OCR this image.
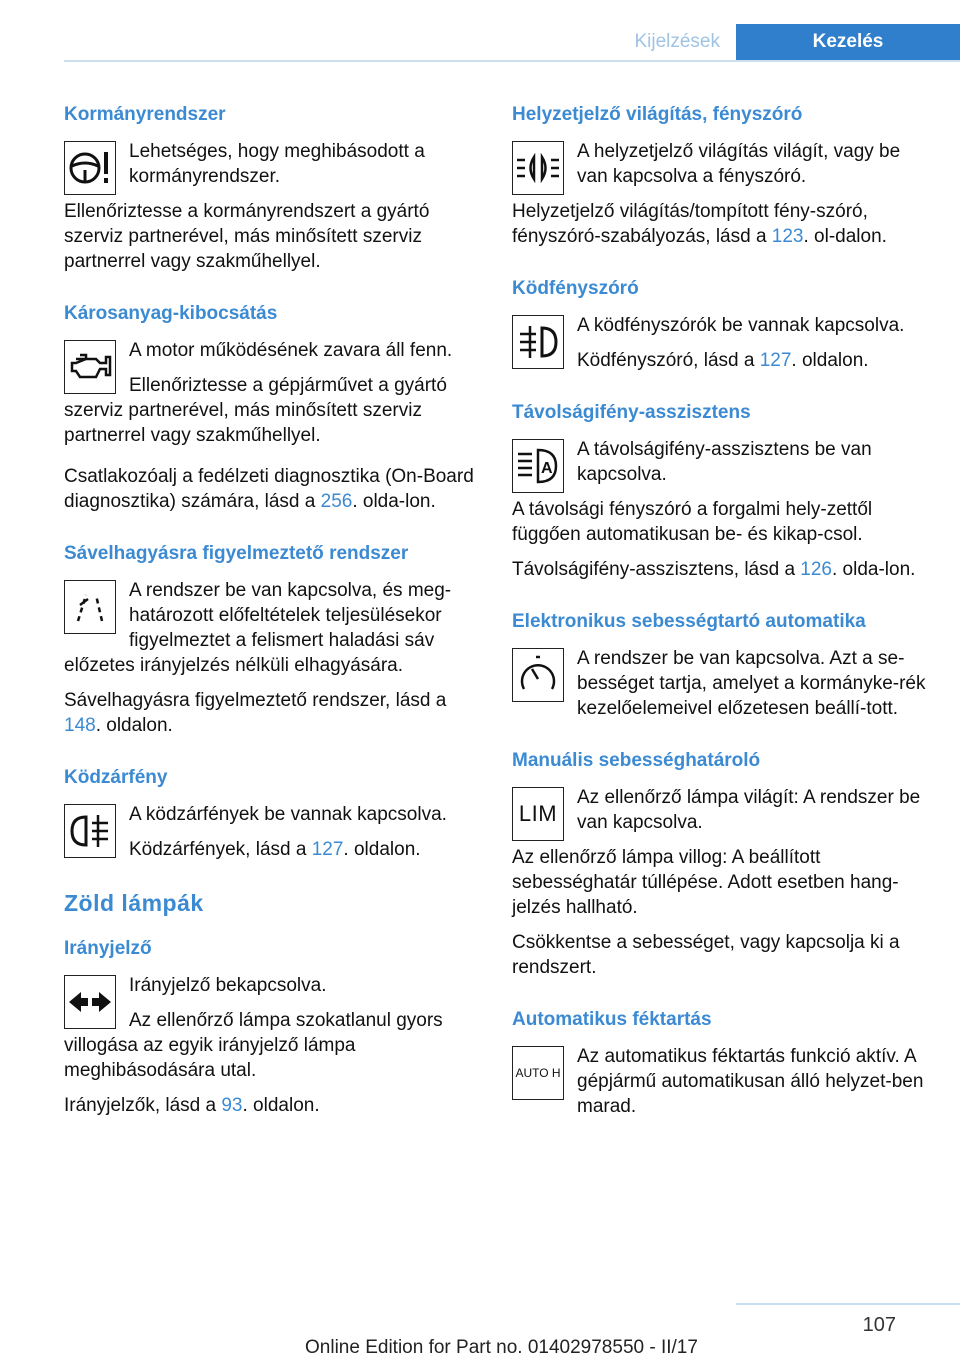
Kijelzések	Kezelés
Kormányrendszer

Lehetséges, hogy meghibásodott a kormányrendszer.

Ellenőriztesse a kormányrendszert a gyártó szerviz partnerével, más minősített szerviz partnerrel vagy szakműhellyel.

Károsanyag-kibocsátás

A motor működésének zavara áll fenn.

Ellenőriztesse a gépjárművet a gyártó szerviz partnerével, más minősített szerviz partnerrel vagy szakműhellyel.

Csatlakozóalj a fedélzeti diagnosztika (On-Board diagnosztika) számára, lásd a 256. olda-lon.

Sávelhagyásra figyelmeztető rendszer

A rendszer be van kapcsolva, és meg-határozott előfeltételek teljesülésekor figyelmeztet a felismert haladási sáv előzetes irányjelzés nélküli elhagyására.

Sávelhagyásra figyelmeztető rendszer, lásd a 148. oldalon.

Ködzárfény

A ködzárfények be vannak kapcsolva.

Ködzárfények, lásd a 127. oldalon.

Zöld lámpák
Irányjelző

Irányjelző bekapcsolva.

Az ellenőrző lámpa szokatlanul gyors villogása az egyik irányjelző lámpa meghibásodására utal.

Irányjelzők, lásd a 93. oldalon.

Helyzetjelző világítás, fényszóró

A helyzetjelző világítás világít, vagy be van kapcsolva a fényszóró.

Helyzetjelző világítás/tompított fény-szóró, fényszóró-szabályozás, lásd a 123. ol-dalon.

Ködfényszóró

A ködfényszórók be vannak kapcsolva.

Ködfényszóró, lásd a 127. oldalon.

Távolságifény-asszisztens
A

A távolságifény-asszisztens be van kapcsolva.

A távolsági fényszóró a forgalmi hely-zettől függően automatikusan be- és kikap-csol.

Távolságifény-asszisztens, lásd a 126. olda-lon.

Elektronikus sebességtartó automatika

A rendszer be van kapcsolva. Azt a se-bességet tartja, amelyet a kormányke-rék kezelőelemeivel előzetesen beállí-tott.

Manuális sebességhatároló
LIM

Az ellenőrző lámpa világít: A rendszer be van kapcsolva.

Az ellenőrző lámpa villog: A beállított sebességhatár túllépése. Adott esetben hang-jelzés hallható.

Csökkentse a sebességet, vagy kapcsolja ki a rendszert.

Automatikus féktartás
AUTO H

Az automatikus féktartás funkció aktív. A gépjármű automatikusan álló helyzet-ben marad.

107
Online Edition for Part no. 01402978550 - II/17
